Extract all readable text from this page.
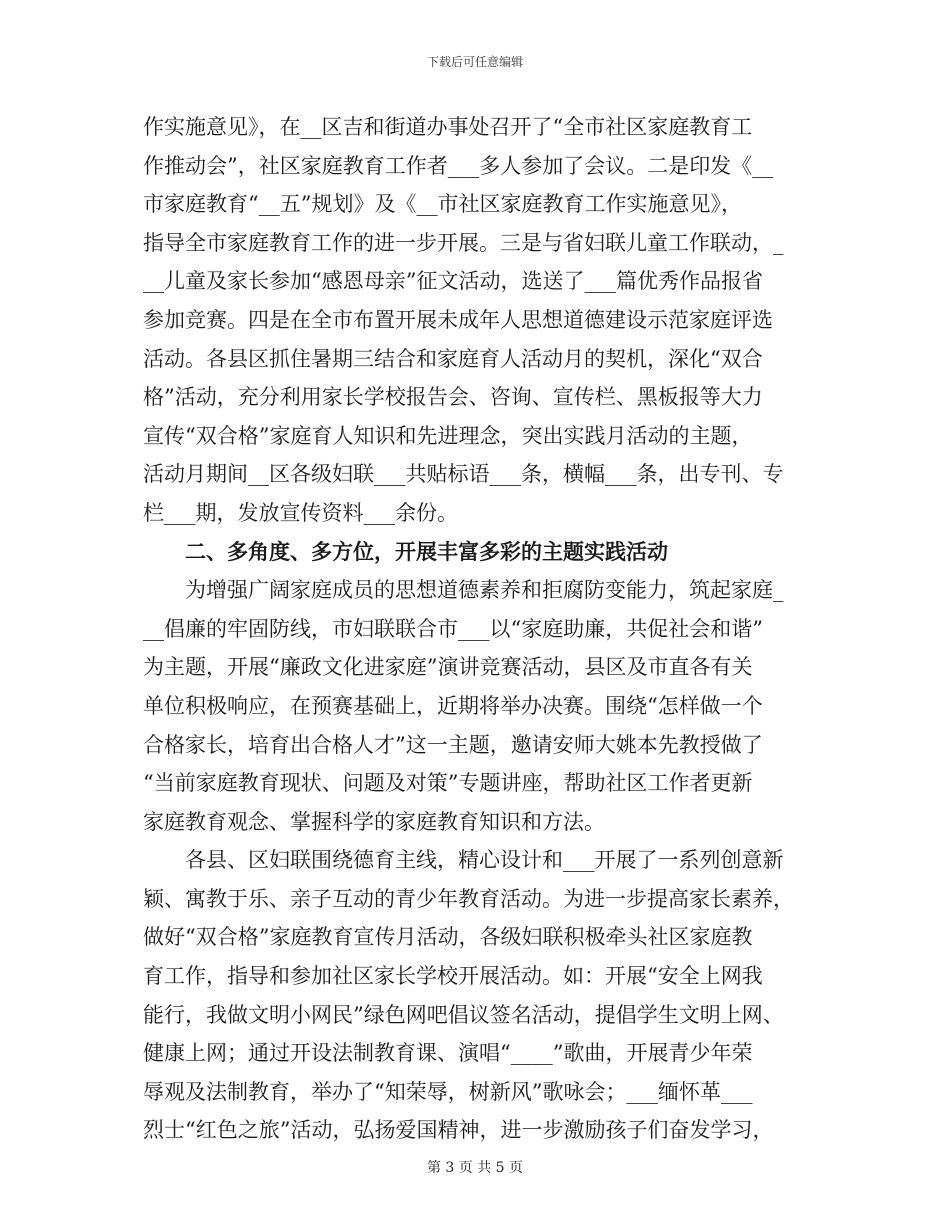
下载后可任意编辑
作实施意见》，在__区吉和街道办事处召开了“全市社区家庭教育工
作推动会”，社区家庭教育工作者___多人参加了会议。二是印发《__
市家庭教育“__五”规划》及《__市社区家庭教育工作实施意见》，
指导全市家庭教育工作的进一步开展。三是与省妇联儿童工作联动，_
__儿童及家长参加“感恩母亲”征文活动，选送了___篇优秀作品报省
参加竞赛。四是在全市布置开展未成年人思想道德建设示范家庭评选
活动。各县区抓住暑期三结合和家庭育人活动月的契机，深化“双合
格”活动，充分利用家长学校报告会、咨询、宣传栏、黑板报等大力
宣传“双合格”家庭育人知识和先进理念，突出实践月活动的主题，
活动月期间__区各级妇联___共贴标语___条，横幅___条，出专刊、专
栏___期，发放宣传资料___余份。
　　二、多角度、多方位，开展丰富多彩的主题实践活动
　　为增强广阔家庭成员的思想道德素养和拒腐防变能力，筑起家庭_
__倡廉的牢固防线，市妇联联合市___以“家庭助廉，共促社会和谐”
为主题，开展“廉政文化进家庭”演讲竞赛活动，县区及市直各有关
单位积极响应，在预赛基础上，近期将举办决赛。围绕“怎样做一个
合格家长，培育出合格人才”这一主题，邀请安师大姚本先教授做了
“当前家庭教育现状、问题及对策”专题讲座，帮助社区工作者更新
家庭教育观念、掌握科学的家庭教育知识和方法。
　　各县、区妇联围绕德育主线，精心设计和___开展了一系列创意新
颖、寓教于乐、亲子互动的青少年教育活动。为进一步提高家长素养，
做好“双合格”家庭教育宣传月活动，各级妇联积极牵头社区家庭教
育工作，指导和参加社区家长学校开展活动。如：开展“安全上网我
能行，我做文明小网民”绿色网吧倡议签名活动，提倡学生文明上网、
健康上网；通过开设法制教育课、演唱“____”歌曲，开展青少年荣
辱观及法制教育，举办了“知荣辱，树新风”歌咏会；___缅怀革___
烈士“红色之旅”活动，弘扬爱国精神，进一步激励孩子们奋发学习，
第 3 页 共 5 页
